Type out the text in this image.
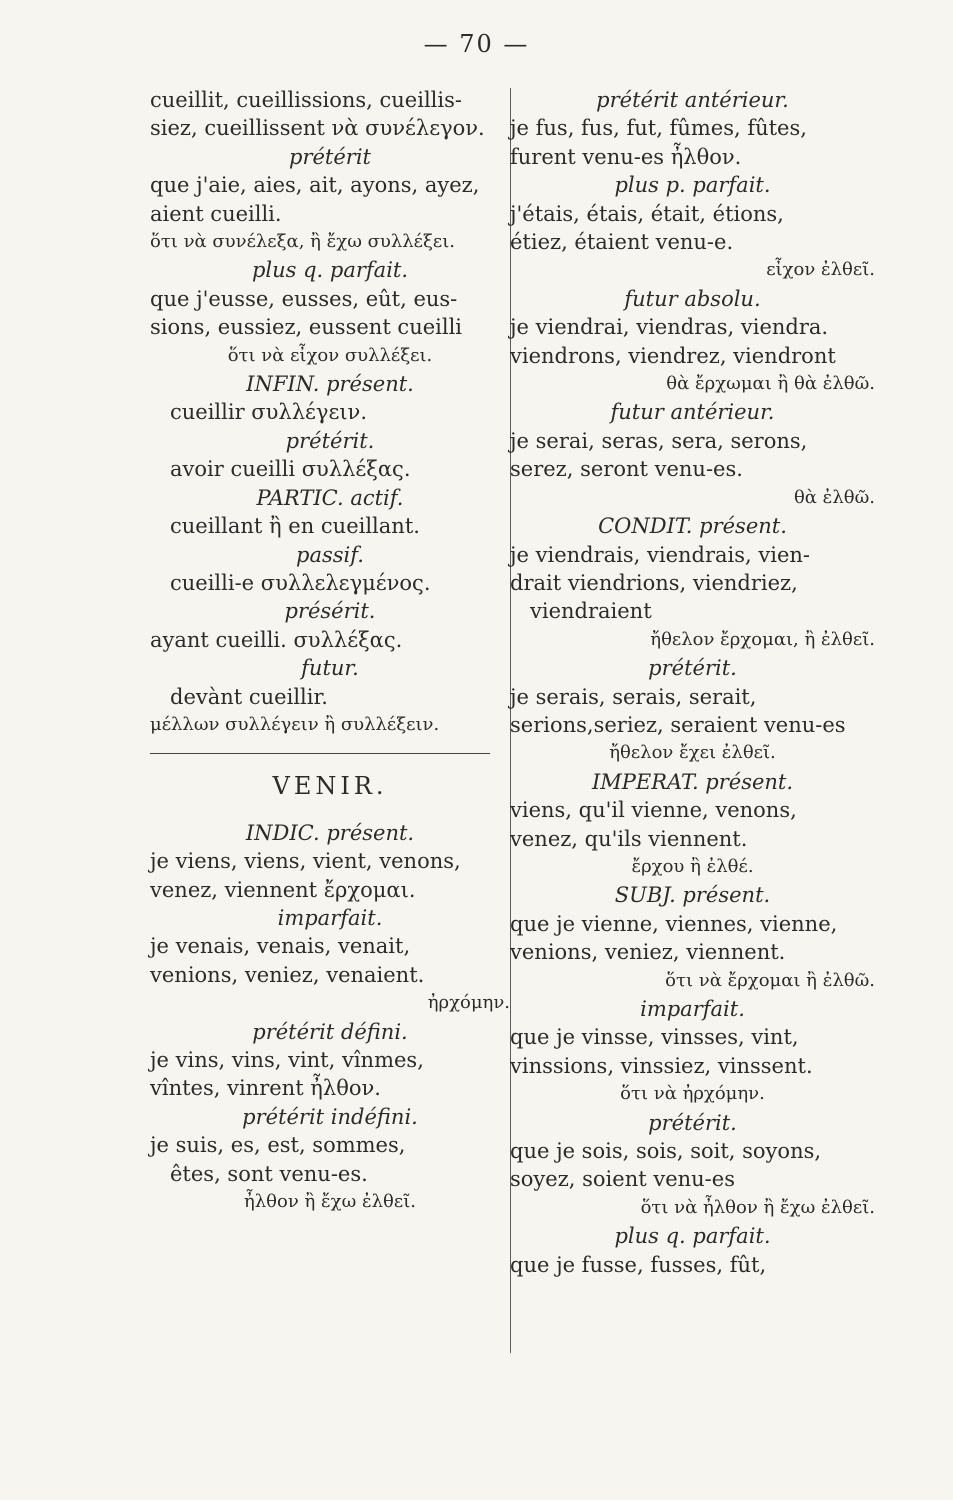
— 70 —
cueillit, cueillissions, cueillis-
siez, cueillissent νὰ συνέλεγον.
prétérit
que j'aie, aies, ait, ayons, ayez,
aient cueilli.
ὅτι νὰ συνέλεξα, ἢ ἔχω συλλέξει.
plus q. parfait.
que j'eusse, eusses, eût, eus-
sions, eussiez, eussent cueilli
ὅτι νὰ εἶχον συλλέξει.
INFIN. présent.
cueillir συλλέγειν.
prétérit.
avoir cueilli συλλέξας.
PARTIC. actif.
cueillant ἢ en cueillant.
passif.
cueilli-e συλλελεγμένος.
présérit.
ayant cueilli. συλλέξας.
futur.
devànt cueillir.
μέλλων συλλέγειν ἢ συλλέξειν.
VENIR.
INDIC. présent.
je viens, viens, vient, venons,
venez, viennent ἔρχομαι.
imparfait.
je venais, venais, venait,
venions, veniez, venaient.
ἠρχόμην.
prétérit défini.
je vins, vins, vint, vînmes,
vîntes, vinrent ἦλθον.
prétérit indéfini.
je suis, es, est, sommes,
êtes, sont venu-es.
ἦλθον ἢ ἔχω ἐλθεῖ.
prétérit antérieur.
je fus, fus, fut, fûmes, fûtes,
furent venu-es ἦλθον.
plus p. parfait.
j'étais, étais, était, étions,
étiez, étaient venu-e.
εἶχον ἐλθεῖ.
futur absolu.
je viendrai, viendras, viendra.
viendrons, viendrez, viendront
θὰ ἔρχωμαι ἢ θὰ ἐλθῶ.
futur antérieur.
je serai, seras, sera, serons,
serez, seront venu-es.
θὰ ἐλθῶ.
CONDIT. présent.
je viendrais, viendrais, vien-
drait viendrions, viendriez,
viendraient
ἤθελον ἔρχομαι, ἢ ἐλθεῖ.
prétérit.
je serais, serais, serait,
serions,seriez, seraient venu-es
ἤθελον ἔχει ἐλθεῖ.
IMPERAT. présent.
viens, qu'il vienne, venons,
venez, qu'ils viennent.
ἔρχου ἢ ἐλθέ.
SUBJ. présent.
que je vienne, viennes, vienne,
venions, veniez, viennent.
ὅτι νὰ ἔρχομαι ἢ ἐλθῶ.
imparfait.
que je vinsse, vinsses, vint,
vinssions, vinssiez, vinssent.
ὅτι νὰ ἠρχόμην.
prétérit.
que je sois, sois, soit, soyons,
soyez, soient venu-es
ὅτι νὰ ἦλθον ἢ ἔχω ἐλθεῖ.
plus q. parfait.
que je fusse, fusses, fût,
